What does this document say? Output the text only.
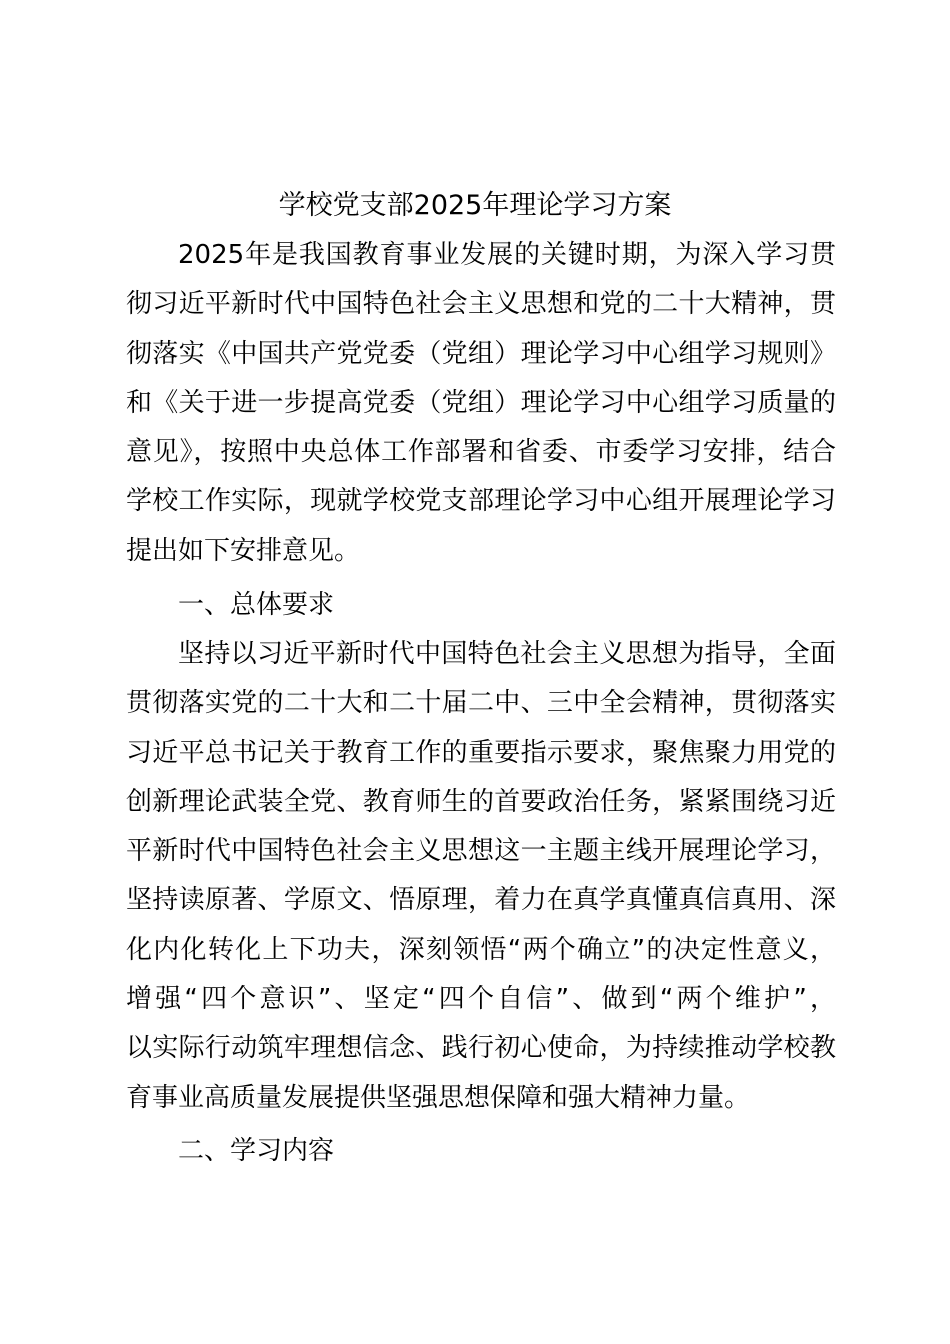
学校党支部2025年理论学习方案
2025年是我国教育事业发展的关键时期，为深入学习贯
彻习近平新时代中国特色社会主义思想和党的二十大精神，贯
彻落实《中国共产党党委（党组）理论学习中心组学习规则》
和《关于进一步提高党委（党组）理论学习中心组学习质量的
意见》，按照中央总体工作部署和省委、市委学习安排，结合
学校工作实际，现就学校党支部理论学习中心组开展理论学习
提出如下安排意见。
一、总体要求
坚持以习近平新时代中国特色社会主义思想为指导，全面
贯彻落实党的二十大和二十届二中、三中全会精神，贯彻落实
习近平总书记关于教育工作的重要指示要求，聚焦聚力用党的
创新理论武装全党、教育师生的首要政治任务，紧紧围绕习近
平新时代中国特色社会主义思想这一主题主线开展理论学习，
坚持读原著、学原文、悟原理，着力在真学真懂真信真用、深
化内化转化上下功夫，深刻领悟“两个确立”的决定性意义，
增强“四个意识”、坚定“四个自信”、做到“两个维护”，
以实际行动筑牢理想信念、践行初心使命，为持续推动学校教
育事业高质量发展提供坚强思想保障和强大精神力量。
二、学习内容
